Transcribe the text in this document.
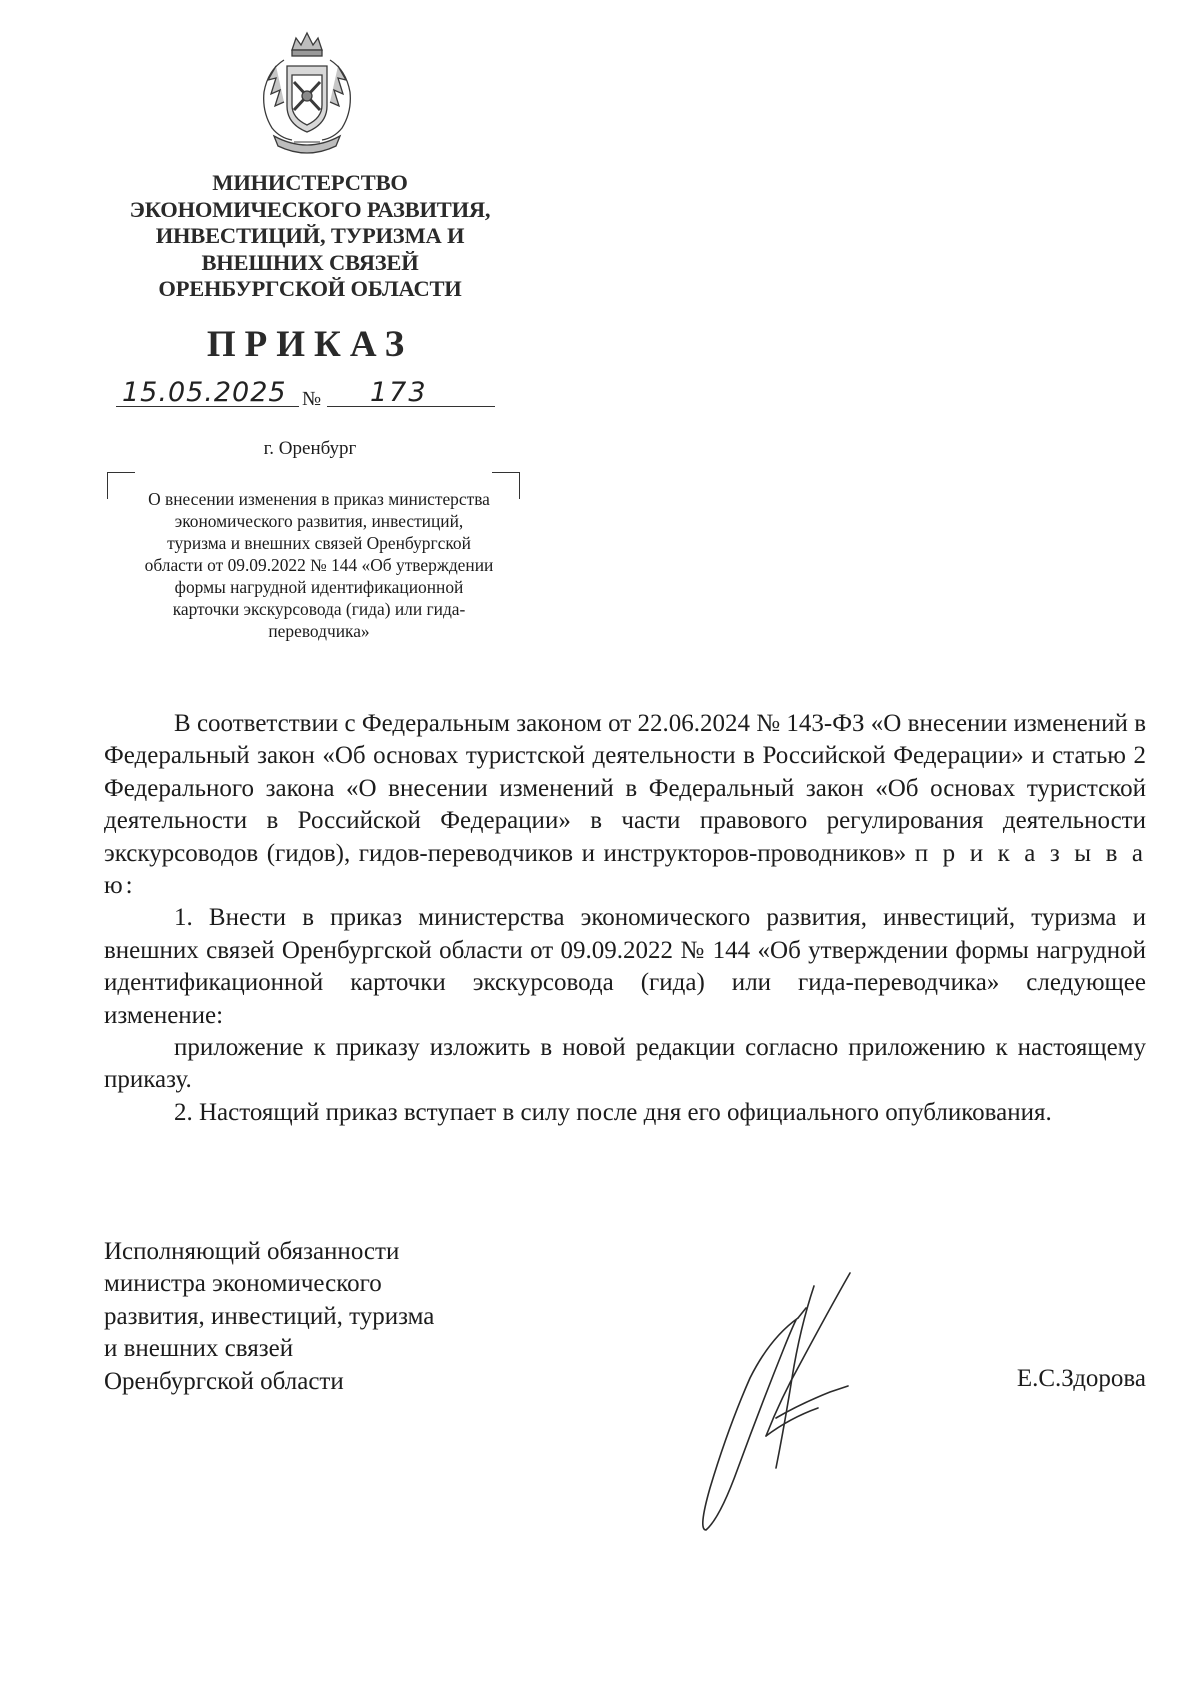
МИНИСТЕРСТВО
ЭКОНОМИЧЕСКОГО РАЗВИТИЯ,
ИНВЕСТИЦИЙ, ТУРИЗМА И
ВНЕШНИХ СВЯЗЕЙ
ОРЕНБУРГСКОЙ ОБЛАСТИ
ПРИКАЗ
15.05.2025 № 173
г. Оренбург
О внесении изменения в приказ министерства
экономического развития, инвестиций,
туризма и внешних связей Оренбургской
области от 09.09.2022 № 144 «Об утверждении
формы нагрудной идентификационной
карточки экскурсовода (гида) или гида-
переводчика»

В соответствии с Федеральным законом от 22.06.2024 № 143-ФЗ «О внесении изменений в Федеральный закон «Об основах туристской деятельности в Российской Федерации» и статью 2 Федерального закона «О внесении изменений в Федеральный закон «Об основах туристской деятельности в Российской Федерации» в части правового регулирования деятельности экскурсоводов (гидов), гидов-переводчиков и инструкторов-проводников» п р и к а з ы в а ю:

1. Внести в приказ министерства экономического развития, инвестиций, туризма и внешних связей Оренбургской области от 09.09.2022 № 144 «Об утверждении формы нагрудной идентификационной карточки экскурсовода (гида) или гида-переводчика» следующее изменение:

приложение к приказу изложить в новой редакции согласно приложению к настоящему приказу.

2. Настоящий приказ вступает в силу после дня его официального опубликования.

Исполняющий обязанности
министра экономического
развития, инвестиций, туризма
и внешних связей
Оренбургской области	Е.С.Здорова
